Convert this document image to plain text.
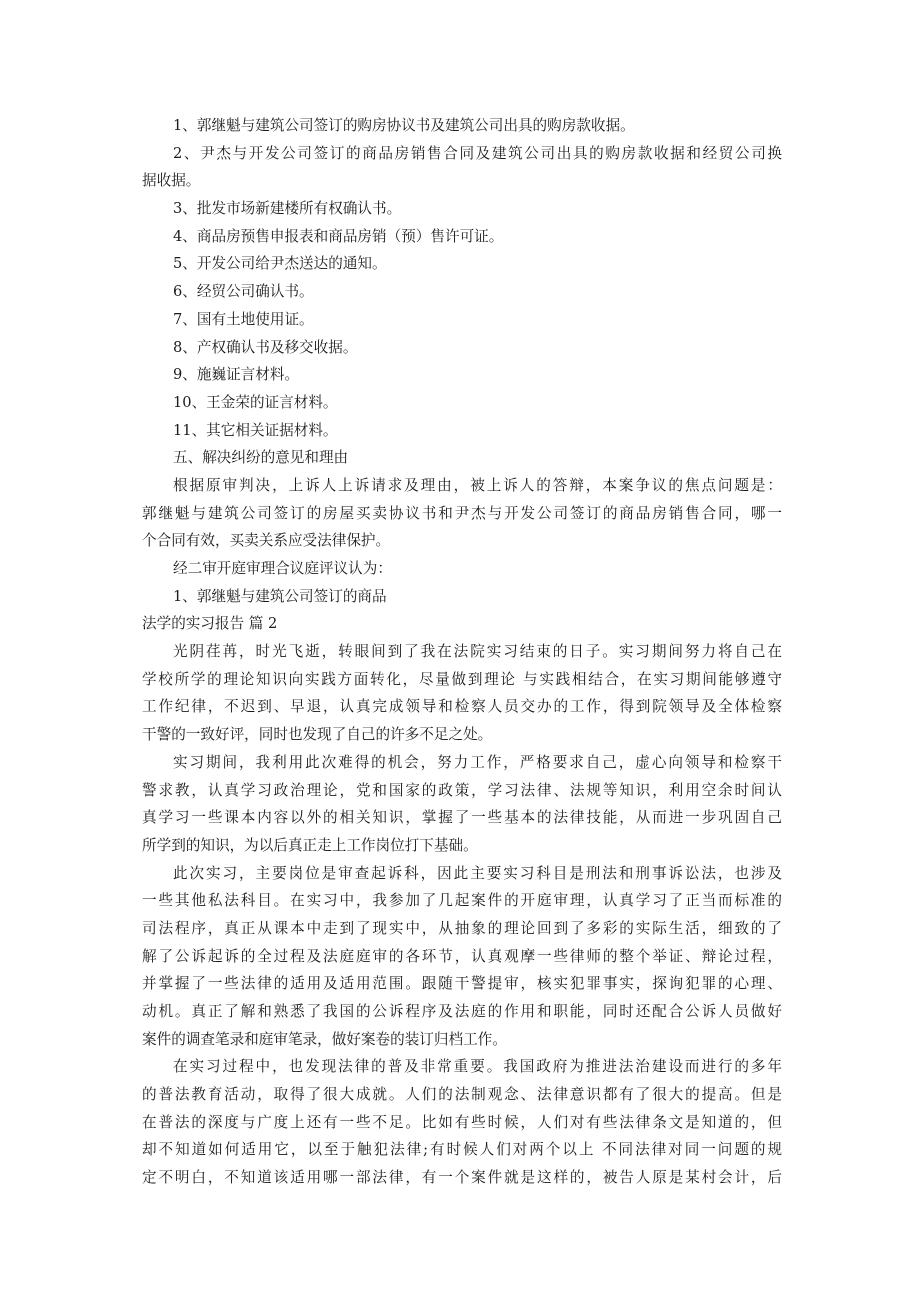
1、郭继魁与建筑公司签订的购房协议书及建筑公司出具的购房款收据。
2、尹杰与开发公司签订的商品房销售合同及建筑公司出具的购房款收据和经贸公司换
据收据。
3、批发市场新建楼所有权确认书。
4、商品房预售申报表和商品房销（预）售许可证。
5、开发公司给尹杰送达的通知。
6、经贸公司确认书。
7、国有土地使用证。
8、产权确认书及移交收据。
9、施巍证言材料。
10、王金荣的证言材料。
11、其它相关证据材料。
五、解决纠纷的意见和理由
根据原审判决，上诉人上诉请求及理由，被上诉人的答辩，本案争议的焦点问题是：
郭继魁与建筑公司签订的房屋买卖协议书和尹杰与开发公司签订的商品房销售合同，哪一
个合同有效，买卖关系应受法律保护。
经二审开庭审理合议庭评议认为：
1、郭继魁与建筑公司签订的商品
法学的实习报告 篇 2
光阴荏苒，时光飞逝，转眼间到了我在法院实习结束的日子。实习期间努力将自己在
学校所学的理论知识向实践方面转化，尽量做到理论 与实践相结合，在实习期间能够遵守
工作纪律，不迟到、早退，认真完成领导和检察人员交办的工作，得到院领导及全体检察
干警的一致好评，同时也发现了自己的许多不足之处。
实习期间，我利用此次难得的机会，努力工作，严格要求自己，虚心向领导和检察干
警求教，认真学习政治理论，党和国家的政策，学习法律、法规等知识，利用空余时间认
真学习一些课本内容以外的相关知识，掌握了一些基本的法律技能，从而进一步巩固自己
所学到的知识，为以后真正走上工作岗位打下基础。
此次实习，主要岗位是审查起诉科，因此主要实习科目是刑法和刑事诉讼法，也涉及
一些其他私法科目。在实习中，我参加了几起案件的开庭审理，认真学习了正当而标准的
司法程序，真正从课本中走到了现实中，从抽象的理论回到了多彩的实际生活，细致的了
解了公诉起诉的全过程及法庭庭审的各环节，认真观摩一些律师的整个举证、辩论过程，
并掌握了一些法律的适用及适用范围。跟随干警提审，核实犯罪事实，探询犯罪的心理、
动机。真正了解和熟悉了我国的公诉程序及法庭的作用和职能，同时还配合公诉人员做好
案件的调查笔录和庭审笔录，做好案卷的装订归档工作。
在实习过程中，也发现法律的普及非常重要。我国政府为推进法治建设而进行的多年
的普法教育活动，取得了很大成就。人们的法制观念、法律意识都有了很大的提高。但是
在普法的深度与广度上还有一些不足。比如有些时候，人们对有些法律条文是知道的，但
却不知道如何适用它，以至于触犯法律;有时候人们对两个以上 不同法律对同一问题的规
定不明白，不知道该适用哪一部法律，有一个案件就是这样的，被告人原是某村会计，后
